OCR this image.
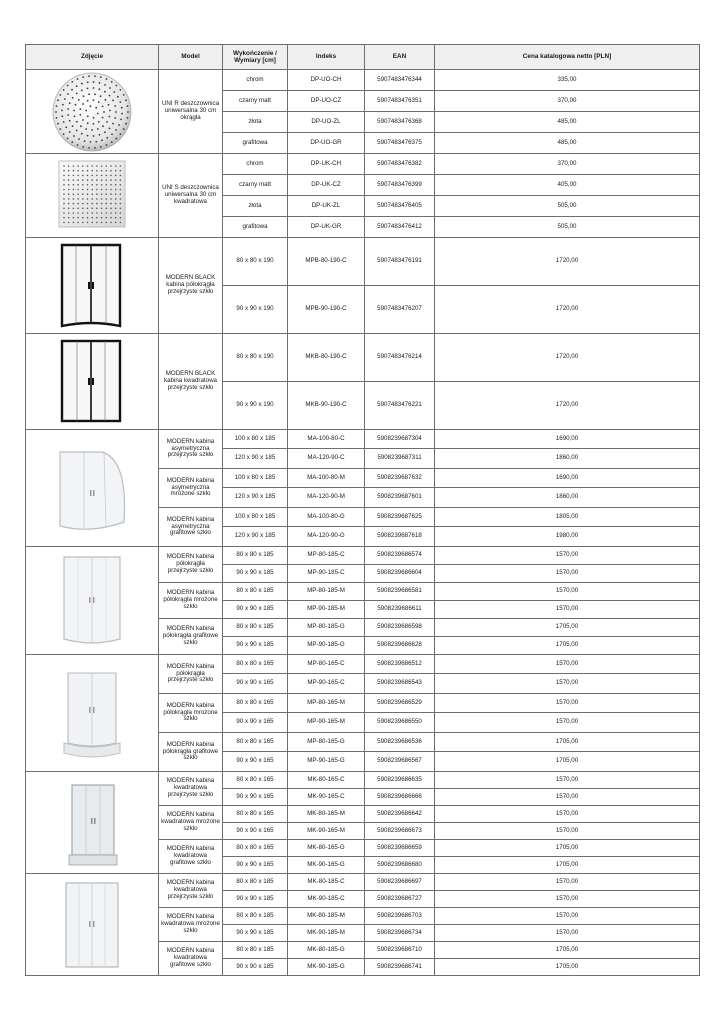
Zdjęcie	Model	Wykończenie / Wymiary [cm]	Indeks	EAN	Cena katalogowa netto [PLN]

	UNI R deszczownica uniwersalna 30 cm okrągła	chrom	DP-UO-CH	5907483476344	335,00
		czarny matt	DP-UO-CZ	5907483476351	370,00
		złota	DP-UO-ZL	5907483476368	485,00
		grafitowa	DP-UO-GR	5907483476375	485,00

	UNI S deszczownica uniwersalna 30 cm kwadratowa	chrom	DP-UK-CH	5907483476382	370,00
		czarny matt	DP-UK-CZ	5907483476399	405,00
		złota	DP-UK-ZL	5907483476405	505,00
		grafitowa	DP-UK-GR	5907483476412	505,00

	MODERN BLACK kabina półokrągła przejrzyste szkło	80 x 80 x 190	MPB-80-190-C	5907483476191	1720,00
		90 x 90 x 190	MPB-90-190-C	5907483476207	1720,00

	MODERN BLACK kabina kwadratowa przejrzyste szkło	80 x 80 x 190	MKB-80-190-C	5907483476214	1720,00
		90 x 90 x 190	MKB-90-190-C	5907483476221	1720,00

	MODERN kabina asymetryczna przejrzyste szkło	100 x 80 x 185	MA-100-80-C	5908239687304	1690,00
		120 x 90 x 185	MA-120-90-C	5908239687311	1860,00
	MODERN kabina asymetryczna mrożone szkło	100 x 80 x 185	MA-100-80-M	5908239687632	1690,00
		120 x 90 x 185	MA-120-90-M	5908239687601	1860,00
	MODERN kabina asymetryczna grafitowe szkło	100 x 80 x 185	MA-100-80-G	5908239687625	1805,00
		120 x 90 x 185	MA-120-90-G	5908239687618	1980,00

	MODERN kabina półokrągła przejrzyste szkło	80 x 80 x 185	MP-80-185-C	5908239686574	1570,00
		90 x 90 x 185	MP-90-185-C	5908239686604	1570,00
	MODERN kabina półokrągła mrożone szkło	80 x 80 x 185	MP-80-185-M	5908239686581	1570,00
		90 x 90 x 185	MP-90-185-M	5908239686611	1570,00
	MODERN kabina półokrągła grafitowe szkło	80 x 80 x 185	MP-80-185-G	5908239686598	1705,00
		90 x 90 x 185	MP-90-185-G	5908239686628	1705,00

	MODERN kabina półokrągła przejrzyste szkło	80 x 80 x 165	MP-80-165-C	5908239686512	1570,00
		90 x 90 x 165	MP-90-165-C	5908239686543	1570,00
	MODERN kabina półokrągła mrożone szkło	80 x 80 x 165	MP-80-165-M	5908239686529	1570,00
		90 x 90 x 165	MP-90-165-M	5908239686550	1570,00
	MODERN kabina półokrągła grafitowe szkło	80 x 80 x 165	MP-80-165-G	5908239686536	1705,00
		90 x 90 x 165	MP-90-165-G	5908239686567	1705,00

	MODERN kabina kwadratowa przejrzyste szkło	80 x 80 x 165	MK-80-165-C	5908239686635	1570,00
		90 x 90 x 165	MK-90-165-C	5908239686666	1570,00
	MODERN kabina kwadratowa mrożone szkło	80 x 80 x 165	MK-80-165-M	5908239686642	1570,00
		90 x 90 x 165	MK-90-165-M	5908239686673	1570,00
	MODERN kabina kwadratowa grafitowe szkło	80 x 80 x 165	MK-80-165-G	5908239686659	1705,00
		90 x 90 x 165	MK-90-165-G	5908239686680	1705,00

	MODERN kabina kwadratowa przejrzyste szkło	80 x 80 x 185	MK-80-185-C	5908239686697	1570,00
		90 x 90 x 185	MK-90-185-C	5908239686727	1570,00
	MODERN kabina kwadratowa mrożone szkło	80 x 80 x 185	MK-80-185-M	5908239686703	1570,00
		90 x 90 x 185	MK-90-185-M	5908239686734	1570,00
	MODERN kabina kwadratowa grafitowe szkło	80 x 80 x 185	MK-80-185-G	5908239686710	1705,00
		90 x 90 x 185	MK-90-185-G	5908239686741	1705,00
